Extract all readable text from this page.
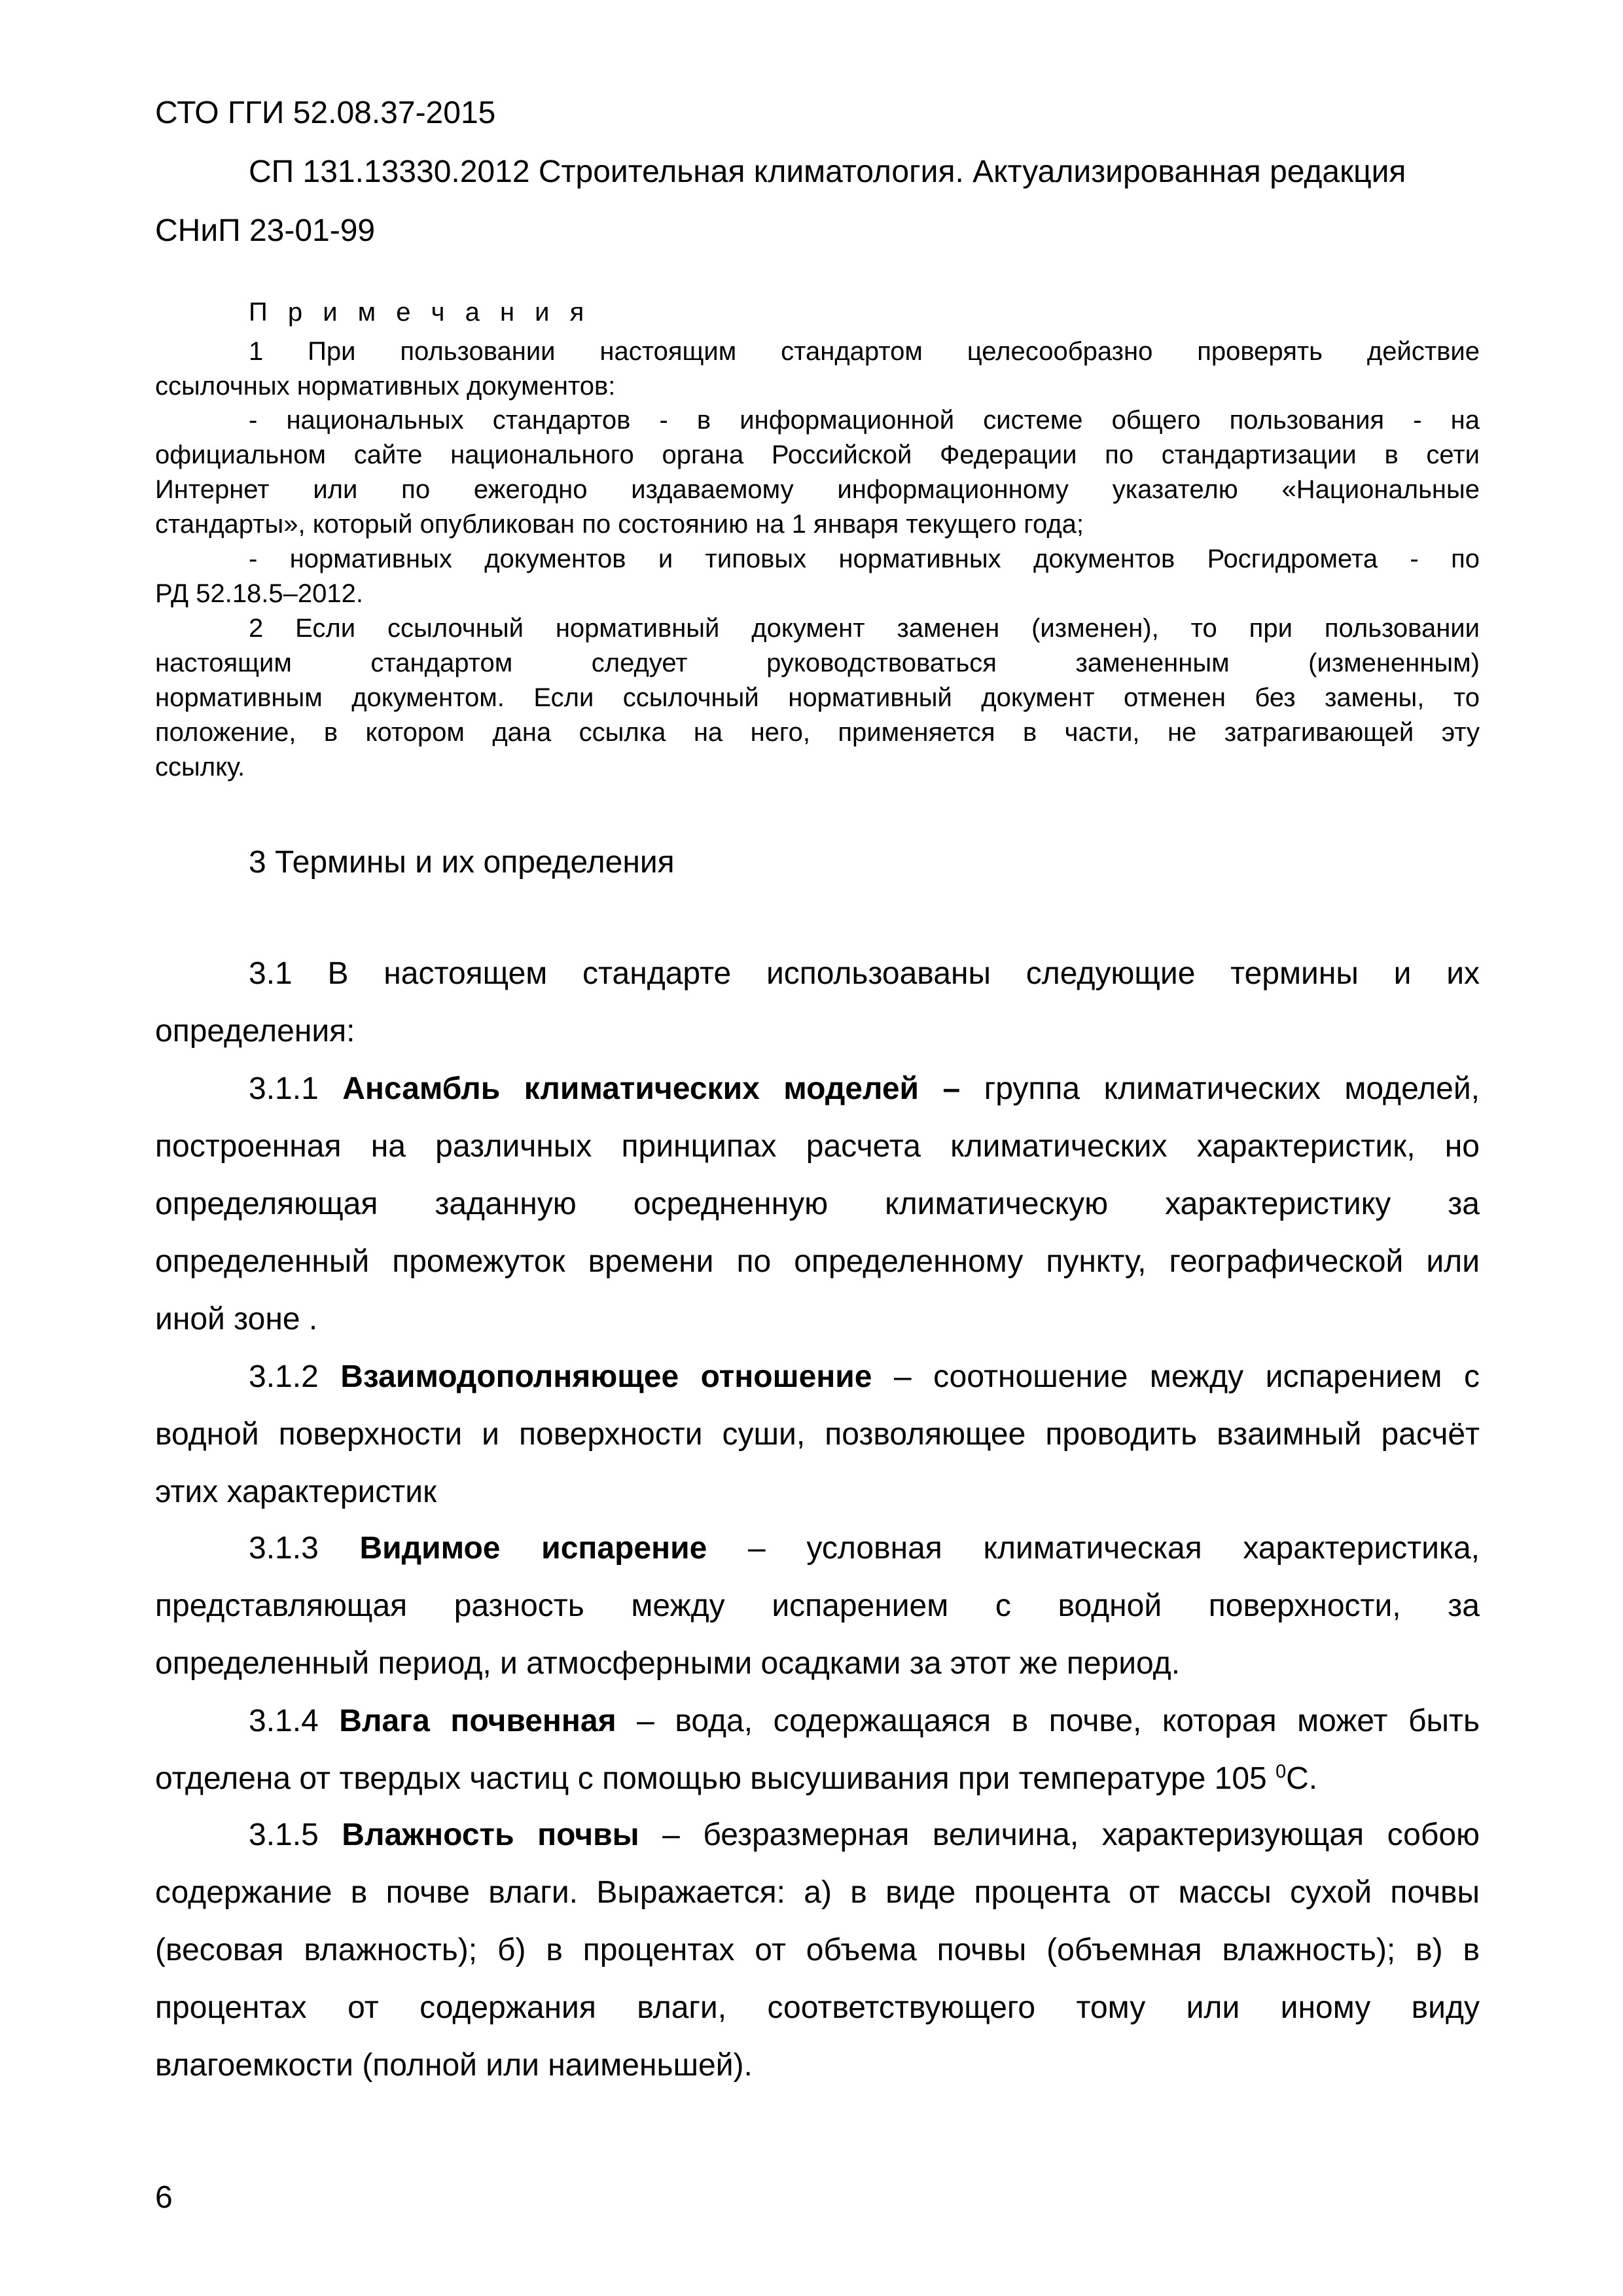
СТО ГГИ 52.08.37-2015
СП 131.13330.2012 Строительная климатология. Актуализированная редакция
СНиП 23-01-99
П р и м е ч а н и я
1 При пользовании настоящим стандартом целесообразно проверять действие
ссылочных нормативных документов:
- национальных стандартов - в информационной системе общего пользования - на
официальном сайте национального органа Российской Федерации по стандартизации в сети
Интернет или по ежегодно издаваемому информационному указателю «Национальные
стандарты», который опубликован по состоянию на 1 января текущего года;
- нормативных документов и типовых нормативных документов Росгидромета - по
РД 52.18.5–2012.
2 Если ссылочный нормативный документ заменен (изменен), то при пользовании
настоящим стандартом следует руководствоваться замененным (измененным)
нормативным документом. Если ссылочный нормативный документ отменен без замены, то
положение, в котором дана ссылка на него, применяется в части, не затрагивающей эту
ссылку.
3 Термины и их определения
3.1 В настоящем стандарте использоаваны следующие термины и их
определения:
3.1.1 Ансамбль климатических моделей – группа климатических моделей,
построенная на различных принципах расчета климатических характеристик, но
определяющая заданную осредненную климатическую характеристику за
определенный промежуток времени по определенному пункту, географической или
иной зоне .
3.1.2 Взаимодополняющее отношение – соотношение между испарением с
водной поверхности и поверхности суши, позволяющее проводить взаимный расчёт
этих характеристик
3.1.3 Видимое испарение – условная климатическая характеристика,
представляющая разность между испарением с водной поверхности, за
определенный период, и атмосферными осадками за этот же период.
3.1.4 Влага почвенная – вода, содержащаяся в почве, которая может быть
отделена от твердых частиц с помощью высушивания при температуре 105 $^0$С.
3.1.5 Влажность почвы – безразмерная величина, характеризующая собою
содержание в почве влаги. Выражается: а) в виде процента от массы сухой почвы
(весовая влажность); б) в процентах от объема почвы (объемная влажность); в) в
процентах от содержания влаги, соответствующего тому или иному виду
влагоемкости (полной или наименьшей).
6
